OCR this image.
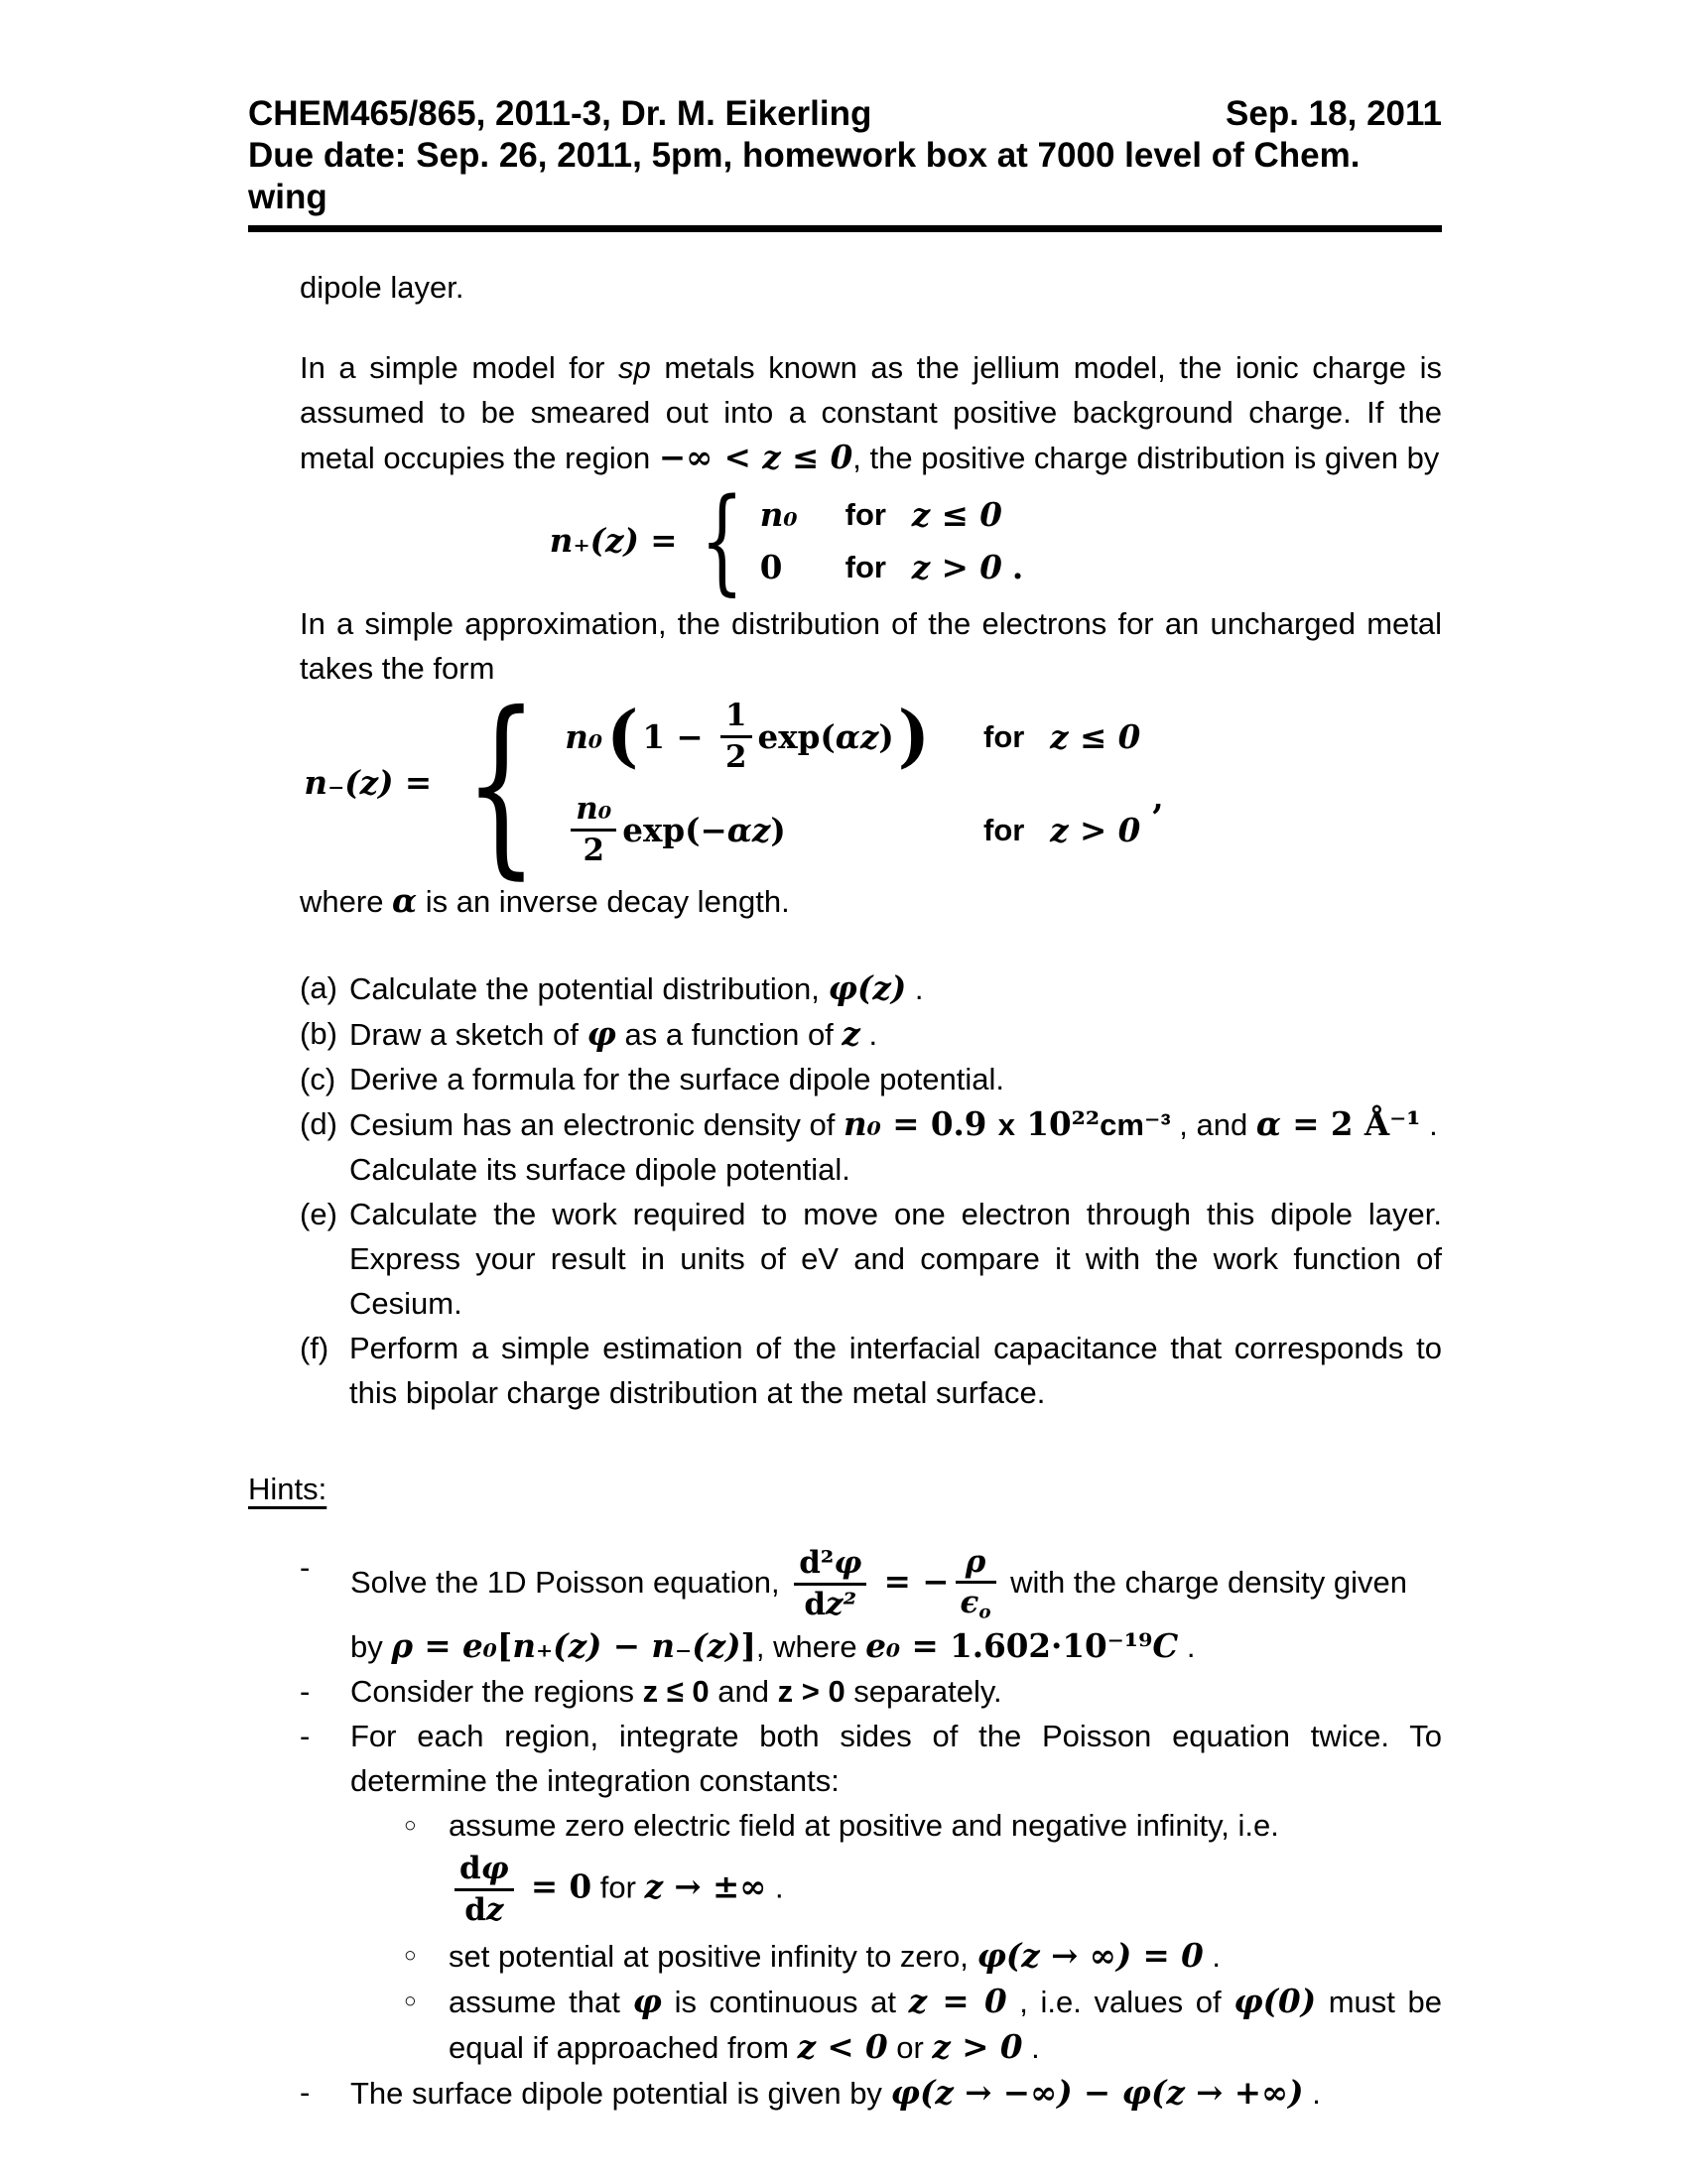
CHEM465/865, 2011-3, Dr. M. Eikerling	Sep. 18, 2011
Due date: Sep. 26, 2011, 5pm, homework box at 7000 level of Chem. wing

dipole layer.

In a simple model for sp metals known as the jellium model, the ionic charge is assumed to be smeared out into a constant positive background charge. If the metal occupies the region −∞ < z ≤ 0, the positive charge distribution is given by

n₊(z) = { n₀ for
z ≤ 0
0 for
z > 0 .

In a simple approximation, the distribution of the electrons for an uncharged metal takes the form

n₋(z) = { n₀ ( $1 - \frac{1}{2}$ exp ( αz ) ) for
z ≤ 0
$\frac{\text{n₀}}{2}$ exp (− αz )	for
z > 0
,

where α is an inverse decay length.

(a) Calculate the potential distribution, φ(z) .
(b) Draw a sketch of φ as a function of z .
(c) Derive a formula for the surface dipole potential.
(d) Cesium has an electronic density of n₀ = 0.9 x 10²²cm⁻³ , and α = 2 Å⁻¹ .
Calculate its surface dipole potential.
(e) Calculate the work required to move one electron through this dipole layer. Express your result in units of eV and compare it with the work function of Cesium.
(f) Perform a simple estimation of the interfacial capacitance that corresponds to this bipolar charge distribution at the metal surface.
Hints:
-	Solve the 1D Poisson equation, $\frac{\text{d²φ}}{\text{dz²}}$ = − $\frac{\rho}{\epsilon o}$ with the charge density given
by ρ = e₀[n₊(z) − n₋(z)], where e₀ = 1.602·10⁻¹⁹C .
-	Consider the regions z ≤ 0 and z > 0 separately.
-	For each region, integrate both sides of the Poisson equation twice. To determine the integration constants:
○	assume zero electric field at positive and negative infinity, i.e.
$\frac{d\varphi}{dz} = 0$ for z → ±∞ .
○	set potential at positive infinity to zero, φ(z → ∞) = 0 .
○	assume that φ is continuous at z = 0 , i.e. values of φ(0) must be equal if approached from z < 0 or z > 0 .
-	The surface dipole potential is given by φ(z → −∞) − φ(z → +∞) .
